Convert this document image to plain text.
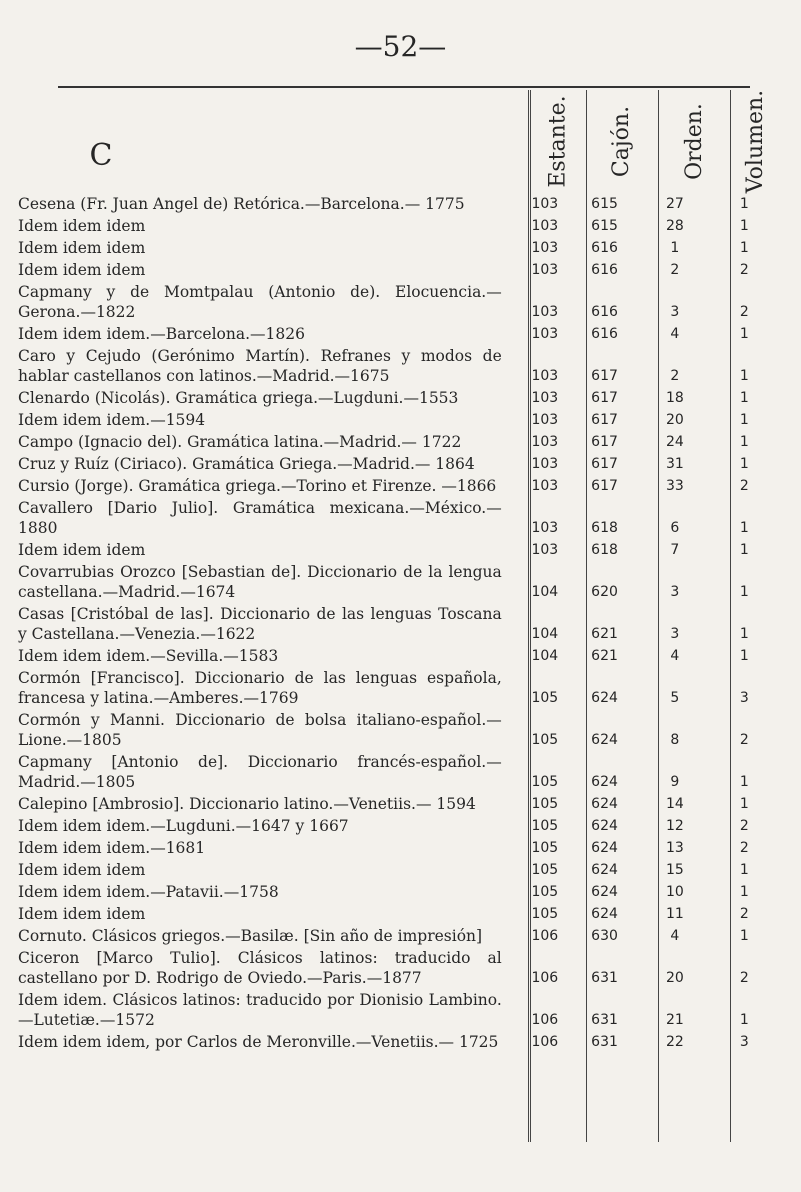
—52—
C	Estante. Cajón. Orden. Volumen.
Cesena (Fr. Juan Angel de) Retórica.—Barcelona.— 1775	103	615	27	1
Idem idem idem	103	615	28	1
Idem idem idem	103	616	1	1
Idem idem idem	103	616	2	2
Capmany y de Momtpalau (Antonio de). Elocuencia.— Gerona.—1822	103	616	3	2
Idem idem idem.—Barcelona.—1826	103	616	4	1
Caro y Cejudo (Gerónimo Martín). Refranes y modos de hablar castellanos con latinos.—Madrid.—1675	103	617	2	1
Clenardo (Nicolás). Gramática griega.—Lugduni.—1553	103	617	18	1
Idem idem idem.—1594	103	617	20	1
Campo (Ignacio del). Gramática latina.—Madrid.— 1722	103	617	24	1
Cruz y Ruíz (Ciriaco). Gramática Griega.—Madrid.— 1864	103	617	31	1
Cursio (Jorge). Gramática griega.—Torino et Firenze. —1866	103	617	33	2
Cavallero [Dario Julio]. Gramática mexicana.—México.—1880	103	618	6	1
Idem idem idem	103	618	7	1
Covarrubias Orozco [Sebastian de]. Diccionario de la lengua castellana.—Madrid.—1674	104	620	3	1
Casas [Cristóbal de las]. Diccionario de las lenguas Toscana y Castellana.—Venezia.—1622	104	621	3	1
Idem idem idem.—Sevilla.—1583	104	621	4	1
Cormón [Francisco]. Diccionario de las lenguas española, francesa y latina.—Amberes.—1769	105	624	5	3
Cormón y Manni. Diccionario de bolsa italiano-español.—Lione.—1805	105	624	8	2
Capmany [Antonio de]. Diccionario francés-español.— Madrid.—1805	105	624	9	1
Calepino [Ambrosio]. Diccionario latino.—Venetiis.— 1594	105	624	14	1
Idem idem idem.—Lugduni.—1647 y 1667	105	624	12	2
Idem idem idem.—1681	105	624	13	2
Idem idem idem	105	624	15	1
Idem idem idem.—Patavii.—1758	105	624	10	1
Idem idem idem	105	624	11	2
Cornuto. Clásicos griegos.—Basilæ. [Sin año de impresión]	106	630	4	1
Ciceron [Marco Tulio]. Clásicos latinos: traducido al castellano por D. Rodrigo de Oviedo.—Paris.—1877	106	631	20	2
Idem idem. Clásicos latinos: traducido por Dionisio Lambino.—Lutetiæ.—1572	106	631	21	1
Idem idem idem, por Carlos de Meronville.—Venetiis.— 1725	106	631	22	3
